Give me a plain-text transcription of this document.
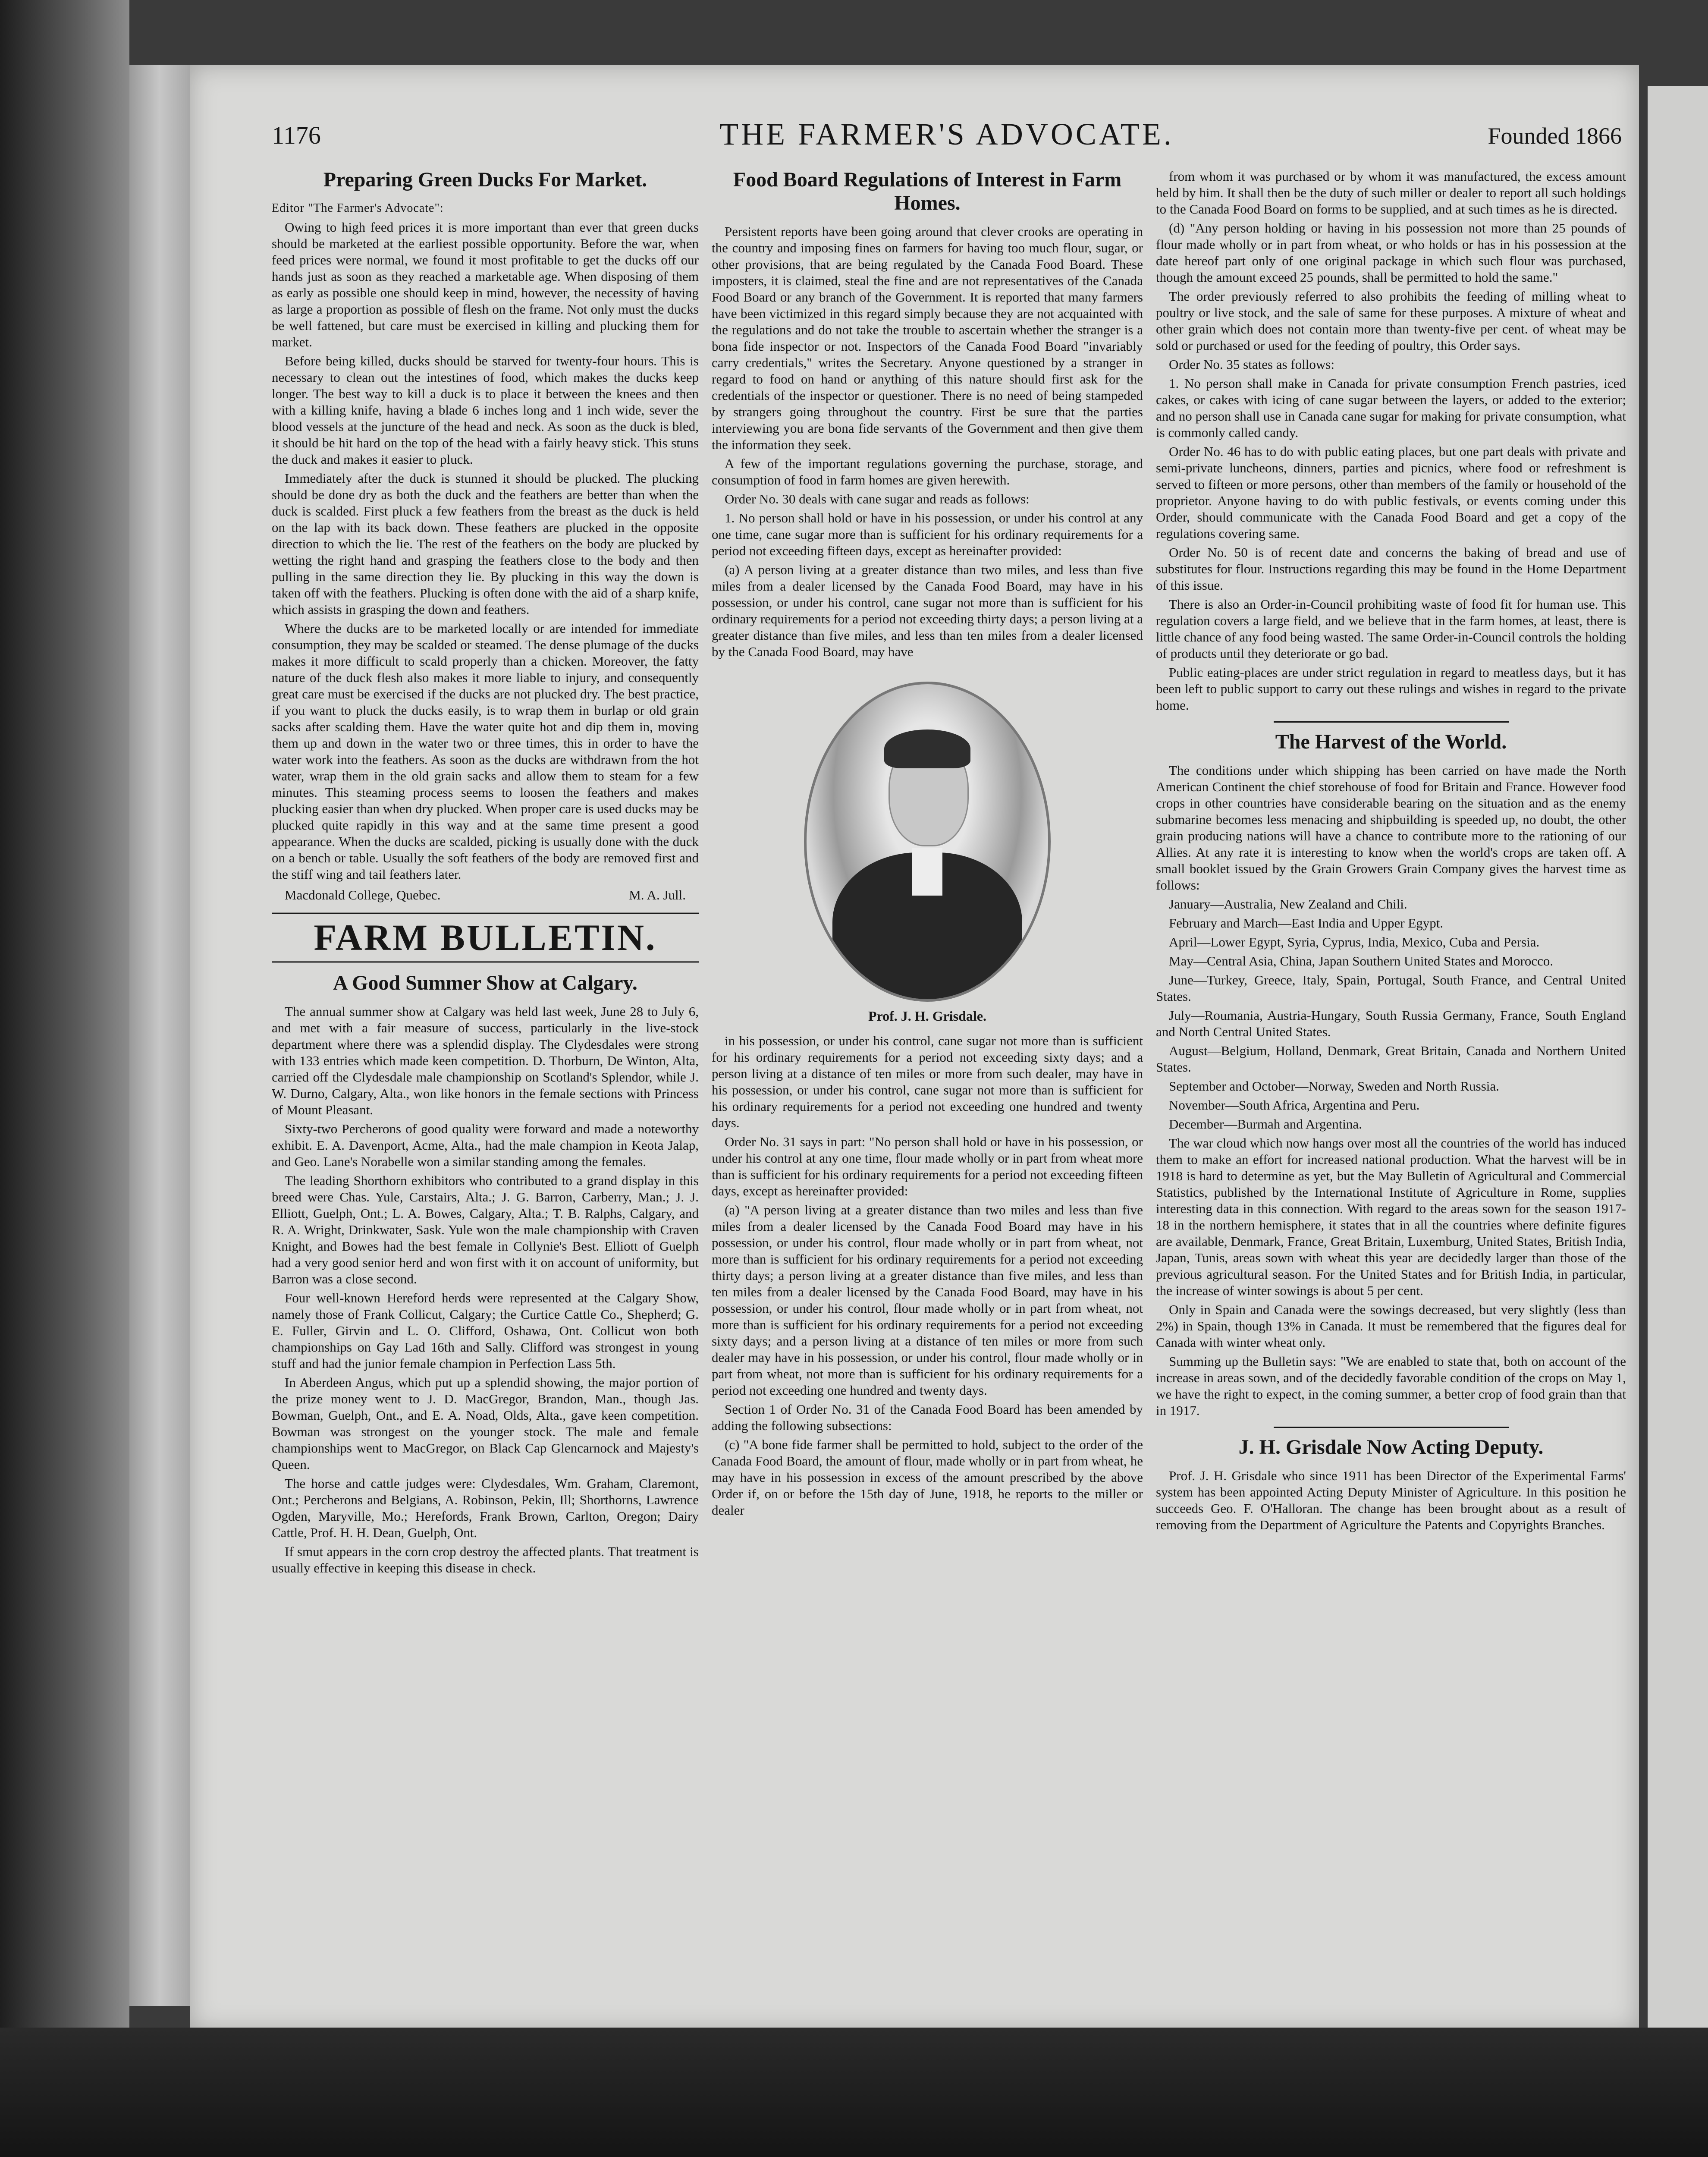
1176	THE FARMER'S ADVOCATE.	Founded 1866
Preparing Green Ducks For Market.
Editor "The Farmer's Advocate":

Owing to high feed prices it is more important than ever that green ducks should be marketed at the earliest possible opportunity. Before the war, when feed prices were normal, we found it most profitable to get the ducks off our hands just as soon as they reached a marketable age. When disposing of them as early as possible one should keep in mind, however, the necessity of having as large a proportion as possible of flesh on the frame. Not only must the ducks be well fattened, but care must be exercised in killing and plucking them for market.

Before being killed, ducks should be starved for twenty-four hours. This is necessary to clean out the intestines of food, which makes the ducks keep longer. The best way to kill a duck is to place it between the knees and then with a killing knife, having a blade 6 inches long and 1 inch wide, sever the blood vessels at the juncture of the head and neck. As soon as the duck is bled, it should be hit hard on the top of the head with a fairly heavy stick. This stuns the duck and makes it easier to pluck.

Immediately after the duck is stunned it should be plucked. The plucking should be done dry as both the duck and the feathers are better than when the duck is scalded. First pluck a few feathers from the breast as the duck is held on the lap with its back down. These feathers are plucked in the opposite direction to which the lie. The rest of the feathers on the body are plucked by wetting the right hand and grasping the feathers close to the body and then pulling in the same direction they lie. By plucking in this way the down is taken off with the feathers. Plucking is often done with the aid of a sharp knife, which assists in grasping the down and feathers.

Where the ducks are to be marketed locally or are intended for immediate consumption, they may be scalded or steamed. The dense plumage of the ducks makes it more difficult to scald properly than a chicken. Moreover, the fatty nature of the duck flesh also makes it more liable to injury, and consequently great care must be exercised if the ducks are not plucked dry. The best practice, if you want to pluck the ducks easily, is to wrap them in burlap or old grain sacks after scalding them. Have the water quite hot and dip them in, moving them up and down in the water two or three times, this in order to have the water work into the feathers. As soon as the ducks are withdrawn from the hot water, wrap them in the old grain sacks and allow them to steam for a few minutes. This steaming process seems to loosen the feathers and makes plucking easier than when dry plucked. When proper care is used ducks may be plucked quite rapidly in this way and at the same time present a good appearance. When the ducks are scalded, picking is usually done with the duck on a bench or table. Usually the soft feathers of the body are removed first and the stiff wing and tail feathers later.

Macdonald College, Quebec.	M. A. Jull.
FARM BULLETIN.
A Good Summer Show at Calgary.

The annual summer show at Calgary was held last week, June 28 to July 6, and met with a fair measure of success, particularly in the live-stock department where there was a splendid display. The Clydesdales were strong with 133 entries which made keen competition. D. Thorburn, De Winton, Alta, carried off the Clydesdale male championship on Scotland's Splendor, while J. W. Durno, Calgary, Alta., won like honors in the female sections with Princess of Mount Pleasant.

Sixty-two Percherons of good quality were forward and made a noteworthy exhibit. E. A. Davenport, Acme, Alta., had the male champion in Keota Jalap, and Geo. Lane's Norabelle won a similar standing among the females.

The leading Shorthorn exhibitors who contributed to a grand display in this breed were Chas. Yule, Carstairs, Alta.; J. G. Barron, Carberry, Man.; J. J. Elliott, Guelph, Ont.; L. A. Bowes, Calgary, Alta.; T. B. Ralphs, Calgary, and R. A. Wright, Drinkwater, Sask. Yule won the male championship with Craven Knight, and Bowes had the best female in Collynie's Best. Elliott of Guelph had a very good senior herd and won first with it on account of uniformity, but Barron was a close second.

Four well-known Hereford herds were represented at the Calgary Show, namely those of Frank Collicut, Calgary; the Curtice Cattle Co., Shepherd; G. E. Fuller, Girvin and L. O. Clifford, Oshawa, Ont. Collicut won both championships on Gay Lad 16th and Sally. Clifford was strongest in young stuff and had the junior female champion in Perfection Lass 5th.

In Aberdeen Angus, which put up a splendid showing, the major portion of the prize money went to J. D. MacGregor, Brandon, Man., though Jas. Bowman, Guelph, Ont., and E. A. Noad, Olds, Alta., gave keen competition. Bowman was strongest on the younger stock. The male and female championships went to MacGregor, on Black Cap Glencarnock and Majesty's Queen.

The horse and cattle judges were: Clydesdales, Wm. Graham, Claremont, Ont.; Percherons and Belgians, A. Robinson, Pekin, Ill; Shorthorns, Lawrence Ogden, Maryville, Mo.; Herefords, Frank Brown, Carlton, Oregon; Dairy Cattle, Prof. H. H. Dean, Guelph, Ont.

If smut appears in the corn crop destroy the affected plants. That treatment is usually effective in keeping this disease in check.

Food Board Regulations of Interest in Farm Homes.

Persistent reports have been going around that clever crooks are operating in the country and imposing fines on farmers for having too much flour, sugar, or other provisions, that are being regulated by the Canada Food Board. These imposters, it is claimed, steal the fine and are not representatives of the Canada Food Board or any branch of the Government. It is reported that many farmers have been victimized in this regard simply because they are not acquainted with the regulations and do not take the trouble to ascertain whether the stranger is a bona fide inspector or not. Inspectors of the Canada Food Board "invariably carry credentials," writes the Secretary. Anyone questioned by a stranger in regard to food on hand or anything of this nature should first ask for the credentials of the inspector or questioner. There is no need of being stampeded by strangers going throughout the country. First be sure that the parties interviewing you are bona fide servants of the Government and then give them the information they seek.

A few of the important regulations governing the purchase, storage, and consumption of food in farm homes are given herewith.

Order No. 30 deals with cane sugar and reads as follows:

1. No person shall hold or have in his possession, or under his control at any one time, cane sugar more than is sufficient for his ordinary requirements for a period not exceeding fifteen days, except as hereinafter provided:

(a) A person living at a greater distance than two miles, and less than five miles from a dealer licensed by the Canada Food Board, may have in his possession, or under his control, cane sugar not more than is sufficient for his ordinary requirements for a period not exceeding thirty days; a person living at a greater distance than five miles, and less than ten miles from a dealer licensed by the Canada Food Board, may have

Prof. J. H. Grisdale.

in his possession, or under his control, cane sugar not more than is sufficient for his ordinary requirements for a period not exceeding sixty days; and a person living at a distance of ten miles or more from such dealer, may have in his possession, or under his control, cane sugar not more than is sufficient for his ordinary requirements for a period not exceeding one hundred and twenty days.

Order No. 31 says in part: "No person shall hold or have in his possession, or under his control at any one time, flour made wholly or in part from wheat more than is sufficient for his ordinary requirements for a period not exceeding fifteen days, except as hereinafter provided:

(a) "A person living at a greater distance than two miles and less than five miles from a dealer licensed by the Canada Food Board may have in his possession, or under his control, flour made wholly or in part from wheat, not more than is sufficient for his ordinary requirements for a period not exceeding thirty days; a person living at a greater distance than five miles, and less than ten miles from a dealer licensed by the Canada Food Board, may have in his possession, or under his control, flour made wholly or in part from wheat, not more than is sufficient for his ordinary requirements for a period not exceeding sixty days; and a person living at a distance of ten miles or more from such dealer may have in his possession, or under his control, flour made wholly or in part from wheat, not more than is sufficient for his ordinary requirements for a period not exceeding one hundred and twenty days.

Section 1 of Order No. 31 of the Canada Food Board has been amended by adding the following subsections:

(c) "A bone fide farmer shall be permitted to hold, subject to the order of the Canada Food Board, the amount of flour, made wholly or in part from wheat, he may have in his possession in excess of the amount prescribed by the above Order if, on or before the 15th day of June, 1918, he reports to the miller or dealer

from whom it was purchased or by whom it was manufactured, the excess amount held by him. It shall then be the duty of such miller or dealer to report all such holdings to the Canada Food Board on forms to be supplied, and at such times as he is directed.

(d) "Any person holding or having in his possession not more than 25 pounds of flour made wholly or in part from wheat, or who holds or has in his possession at the date hereof part only of one original package in which such flour was purchased, though the amount exceed 25 pounds, shall be permitted to hold the same."

The order previously referred to also prohibits the feeding of milling wheat to poultry or live stock, and the sale of same for these purposes. A mixture of wheat and other grain which does not contain more than twenty-five per cent. of wheat may be sold or purchased or used for the feeding of poultry, this Order says.

Order No. 35 states as follows:

1. No person shall make in Canada for private consumption French pastries, iced cakes, or cakes with icing of cane sugar between the layers, or added to the exterior; and no person shall use in Canada cane sugar for making for private consumption, what is commonly called candy.

Order No. 46 has to do with public eating places, but one part deals with private and semi-private luncheons, dinners, parties and picnics, where food or refreshment is served to fifteen or more persons, other than members of the family or household of the proprietor. Anyone having to do with public festivals, or events coming under this Order, should communicate with the Canada Food Board and get a copy of the regulations covering same.

Order No. 50 is of recent date and concerns the baking of bread and use of substitutes for flour. Instructions regarding this may be found in the Home Department of this issue.

There is also an Order-in-Council prohibiting waste of food fit for human use. This regulation covers a large field, and we believe that in the farm homes, at least, there is little chance of any food being wasted. The same Order-in-Council controls the holding of products until they deteriorate or go bad.

Public eating-places are under strict regulation in regard to meatless days, but it has been left to public support to carry out these rulings and wishes in regard to the private home.

The Harvest of the World.

The conditions under which shipping has been carried on have made the North American Continent the chief storehouse of food for Britain and France. However food crops in other countries have considerable bearing on the situation and as the enemy submarine becomes less menacing and shipbuilding is speeded up, no doubt, the other grain producing nations will have a chance to contribute more to the rationing of our Allies. At any rate it is interesting to know when the world's crops are taken off. A small booklet issued by the Grain Growers Grain Company gives the harvest time as follows:

January—Australia, New Zealand and Chili.

February and March—East India and Upper Egypt.

April—Lower Egypt, Syria, Cyprus, India, Mexico, Cuba and Persia.

May—Central Asia, China, Japan Southern United States and Morocco.

June—Turkey, Greece, Italy, Spain, Portugal, South France, and Central United States.

July—Roumania, Austria-Hungary, South Russia Germany, France, South England and North Central United States.

August—Belgium, Holland, Denmark, Great Britain, Canada and Northern United States.

September and October—Norway, Sweden and North Russia.

November—South Africa, Argentina and Peru.

December—Burmah and Argentina.

The war cloud which now hangs over most all the countries of the world has induced them to make an effort for increased national production. What the harvest will be in 1918 is hard to determine as yet, but the May Bulletin of Agricultural and Commercial Statistics, published by the International Institute of Agriculture in Rome, supplies interesting data in this connection. With regard to the areas sown for the season 1917-18 in the northern hemisphere, it states that in all the countries where definite figures are available, Denmark, France, Great Britain, Luxemburg, United States, British India, Japan, Tunis, areas sown with wheat this year are decidedly larger than those of the previous agricultural season. For the United States and for British India, in particular, the increase of winter sowings is about 5 per cent.

Only in Spain and Canada were the sowings decreased, but very slightly (less than 2%) in Spain, though 13% in Canada. It must be remembered that the figures deal for Canada with winter wheat only.

Summing up the Bulletin says: "We are enabled to state that, both on account of the increase in areas sown, and of the decidedly favorable condition of the crops on May 1, we have the right to expect, in the coming summer, a better crop of food grain than that in 1917.

J. H. Grisdale Now Acting Deputy.

Prof. J. H. Grisdale who since 1911 has been Director of the Experimental Farms' system has been appointed Acting Deputy Minister of Agriculture. In this position he succeeds Geo. F. O'Halloran. The change has been brought about as a result of removing from the Department of Agriculture the Patents and Copyrights Branches.
